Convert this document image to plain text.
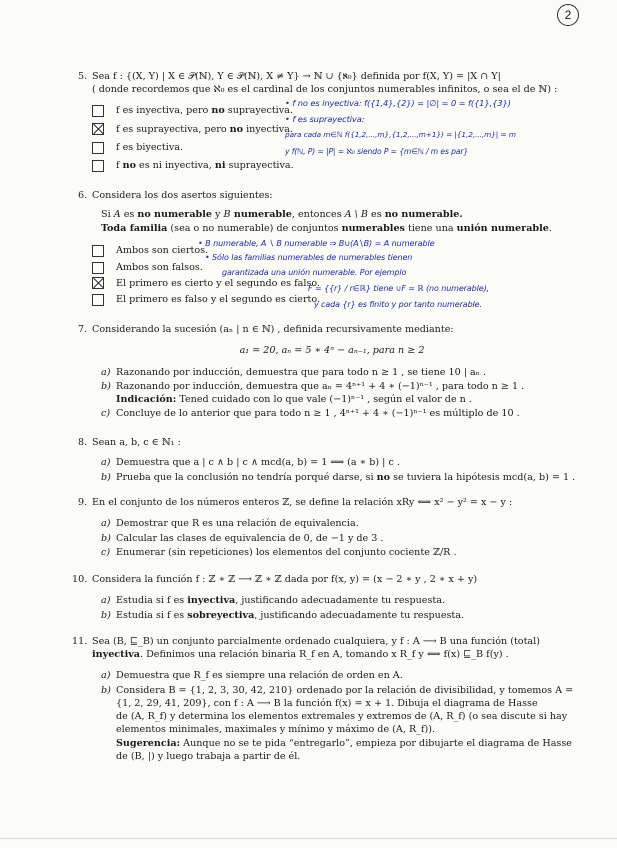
2
5. Sea f : {(X, Y) | X ∈ 𝒫(ℕ), Y ∈ 𝒫(ℕ), X ≠ Y} → ℕ ∪ {ℵ₀} definida por f(X, Y) = |X ∩ Y|
( donde recordemos que ℵ₀ es el cardinal de los conjuntos numerables infinitos, o sea el de ℕ) :
f es inyectiva, pero no suprayectiva.
f es suprayectiva, pero no inyectiva.
f es biyectiva.
f no es ni inyectiva, ni suprayectiva.
• f no es inyectiva: f({1,4},{2}) = |∅| = 0 = f({1},{3})
• f es suprayectiva:
para cada m∈ℕ f({1,2,...,m},{1,2,...,m+1}) = |{1,2,...,m}| = m
y f(ℕ, P) = |P| = ℵ₀ siendo P = {m∈ℕ / m es par}
6. Considera los dos asertos siguientes:
Si A es no numerable y B numerable, entonces A \ B es no numerable.
Toda familia (sea o no numerable) de conjuntos numerables tiene una unión numerable.
Ambos son ciertos.
Ambos son falsos.
El primero es cierto y el segundo es falso.
El primero es falso y el segundo es cierto.
• B numerable, A ∖ B numerable ⇒ B∪(A∖B) = A numerable
• Sólo las familias numerables de numerables tienen
garantizada una unión numerable. Por ejemplo
F = {{r} / r∈ℝ} tiene ∪F = ℝ (no numerable),
y cada {r} es finito y por tanto numerable.
7. Considerando la sucesión (aₙ | n ∈ ℕ) , definida recursivamente mediante:
a₁ = 20, aₙ = 5 ∗ 4ⁿ − aₙ₋₁, para n ≥ 2
a) Razonando por inducción, demuestra que para todo n ≥ 1 , se tiene 10 | aₙ .
b) Razonando por inducción, demuestra que aₙ = 4ⁿ⁺¹ + 4 ∗ (−1)ⁿ⁻¹ , para todo n ≥ 1 .
Indicación: Tened cuidado con lo que vale (−1)ⁿ⁻¹ , según el valor de n .
c) Concluye de lo anterior que para todo n ≥ 1 , 4ⁿ⁺¹ + 4 ∗ (−1)ⁿ⁻¹ es múltiplo de 10 .
8. Sean a, b, c ∈ ℕ₁ :
a) Demuestra que a | c ∧ b | c ∧ mcd(a, b) = 1 ⟹ (a ∗ b) | c .
b) Prueba que la conclusión no tendría porqué darse, si no se tuviera la hipótesis mcd(a, b) = 1 .
9. En el conjunto de los números enteros ℤ, se define la relación xRy ⟺ x² − y² = x − y :
a) Demostrar que R es una relación de equivalencia.
b) Calcular las clases de equivalencia de 0, de −1 y de 3 .
c) Enumerar (sin repeticiones) los elementos del conjunto cociente ℤ/R .
10. Considera la función f : ℤ ∗ ℤ ⟶ ℤ ∗ ℤ dada por f(x, y) = (x − 2 ∗ y , 2 ∗ x + y)
a) Estudia si f es inyectiva, justificando adecuadamente tu respuesta.
b) Estudia si f es sobreyectiva, justificando adecuadamente tu respuesta.
11. Sea (B, ⊑_B) un conjunto parcialmente ordenado cualquiera, y f : A ⟶ B una función (total)
inyectiva. Definimos una relación binaria R_f en A, tomando x R_f y ⟺ f(x) ⊑_B f(y) .
a) Demuestra que R_f es siempre una relación de orden en A.
b) Considera B = {1, 2, 3, 30, 42, 210} ordenado por la relación de divisibilidad, y tomemos A =
{1, 2, 29, 41, 209}, con f : A ⟶ B la función f(x) = x + 1. Dibuja el diagrama de Hasse
de (A, R_f) y determina los elementos extremales y extremos de (A, R_f) (o sea discute si hay
elementos minimales, maximales y mínimo y máximo de (A, R_f)).
Sugerencia: Aunque no se te pida “entregarlo”, empieza por dibujarte el diagrama de Hasse
de (B, |) y luego trabaja a partir de él.
